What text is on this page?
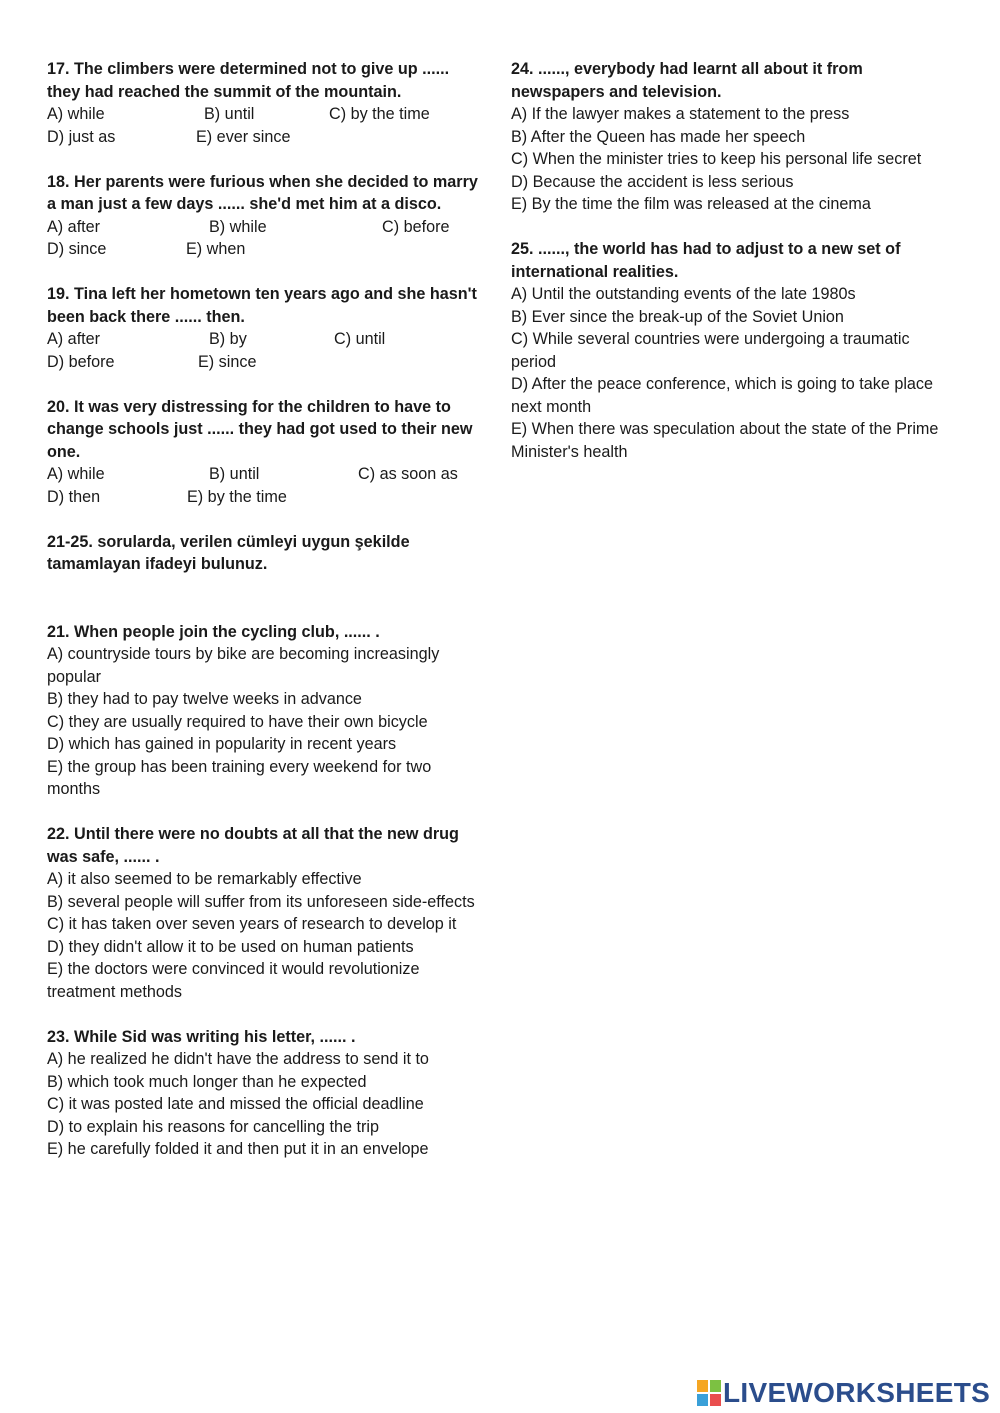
17. The climbers were determined not to give up ...... they had reached the summit of the mountain.
A) while	B) until	C) by the time
D) just as	E) ever since
18. Her parents were furious when she decided to marry a man just a few days ...... she'd met him at a disco.
A) after	B) while	C) before
D) since	E) when
19. Tina left her hometown ten years ago and she hasn't been back there ...... then.
A) after	B) by	C) until
D) before	E) since
20. It was very distressing for the children to have to change schools just ...... they had got used to their new one.
A) while	B) until	C) as soon as
D) then	E) by the time
21-25. sorularda, verilen cümleyi uygun şekilde tamamlayan ifadeyi bulunuz.
21. When people join the cycling club, ...... .
A) countryside tours by bike are becoming increasingly popular
B) they had to pay twelve weeks in advance
C) they are usually required to have their own bicycle
D) which has gained in popularity in recent years
E) the group has been training every weekend for two months
22. Until there were no doubts at all that the new drug was safe, ...... .
A) it also seemed to be remarkably effective
B) several people will suffer from its unforeseen side-effects
C) it has taken over seven years of research to develop it
D) they didn't allow it to be used on human patients
E) the doctors were convinced it would revolutionize treatment methods
23. While Sid was writing his letter, ...... .
A) he realized he didn't have the address to send it to
B) which took much longer than he expected
C) it was posted late and missed the official deadline
D) to explain his reasons for cancelling the trip
E) he carefully folded it and then put it in an envelope
24. ......, everybody had learnt all about it from newspapers and television.
A) If the lawyer makes a statement to the press
B) After the Queen has made her speech
C) When the minister tries to keep his personal life secret
D) Because the accident is less serious
E) By the time the film was released at the cinema
25. ......, the world has had to adjust to a new set of international realities.
A) Until the outstanding events of the late 1980s
B) Ever since the break-up of the Soviet Union
C) While several countries were undergoing a traumatic period
D) After the peace conference, which is going to take place next month
E) When there was speculation about the state of the Prime Minister's health
LIVEWORKSHEETS
